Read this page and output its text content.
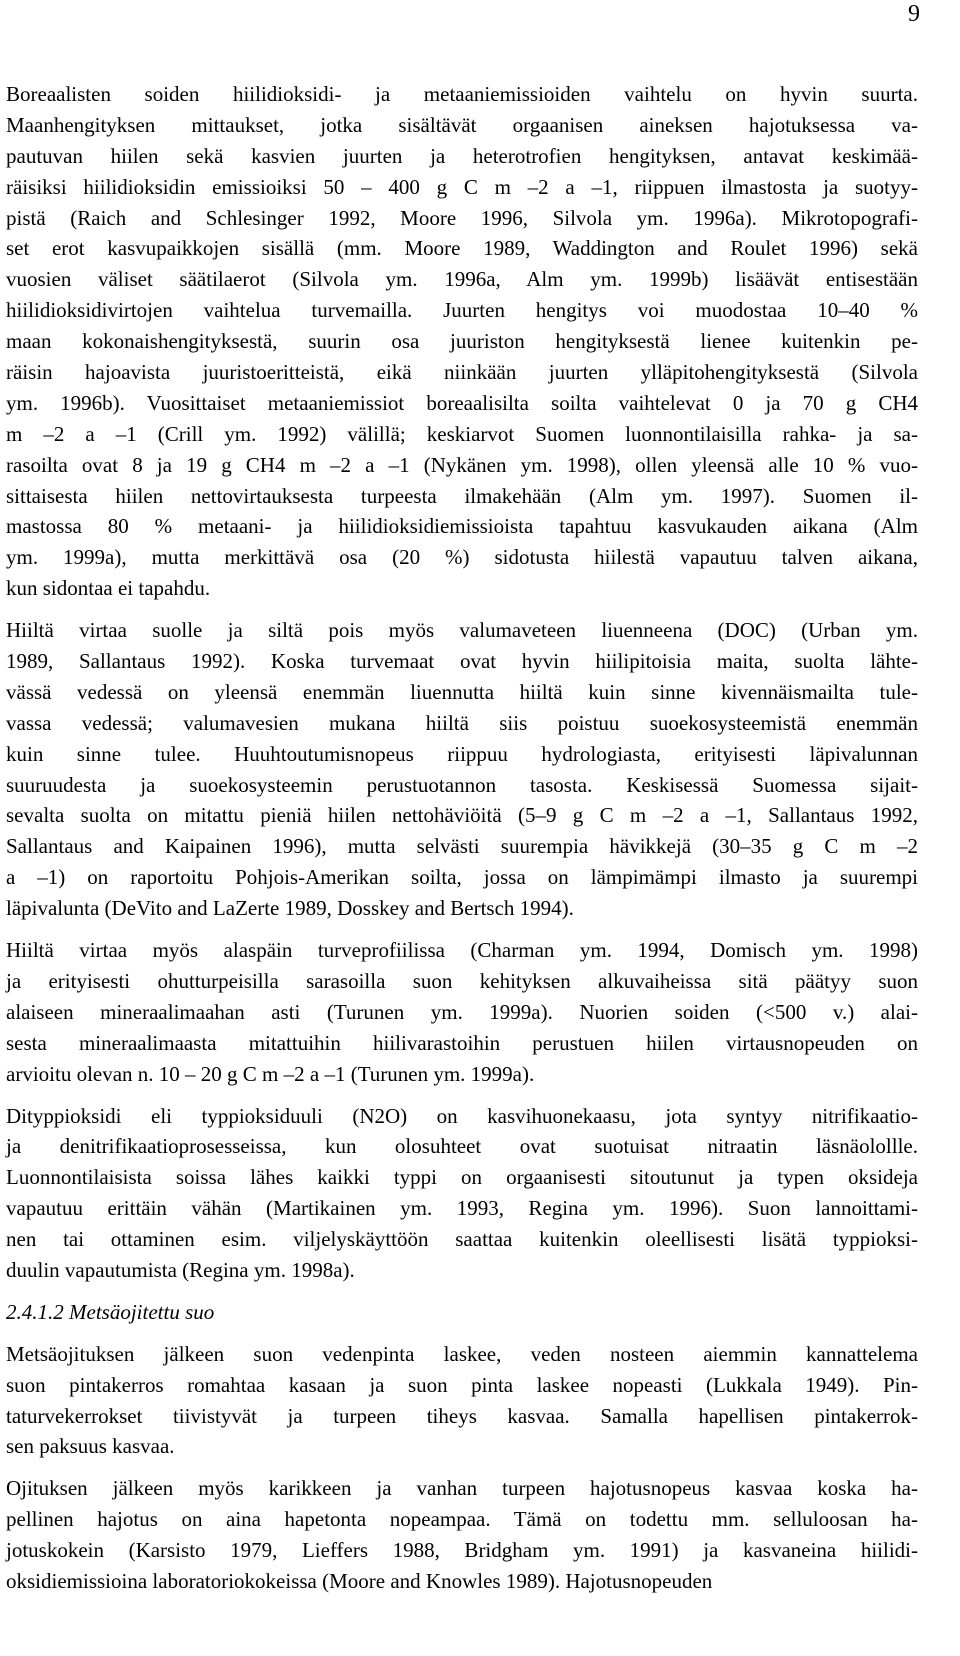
9
Boreaalisten soiden hiilidioksidi- ja metaaniemissioiden vaihtelu on hyvin suurta.
Maanhengityksen mittaukset, jotka sisältävät orgaanisen aineksen hajotuksessa va-
pautuvan hiilen sekä kasvien juurten ja heterotrofien hengityksen, antavat keskimää-
räisiksi hiilidioksidin emissioiksi 50 – 400 g C m –2 a –1, riippuen ilmastosta ja suotyy-
pistä (Raich and Schlesinger 1992, Moore 1996, Silvola ym. 1996a). Mikrotopografi-
set erot kasvupaikkojen sisällä (mm. Moore 1989, Waddington and Roulet 1996) sekä
vuosien väliset säätilaerot (Silvola ym. 1996a, Alm ym. 1999b) lisäävät entisestään
hiilidioksidivirtojen vaihtelua turvemailla. Juurten hengitys voi muodostaa 10–40 %
maan kokonaishengityksestä, suurin osa juuriston hengityksestä lienee kuitenkin pe-
räisin hajoavista juuristoeritteistä, eikä niinkään juurten ylläpitohengityksestä (Silvola
ym. 1996b). Vuosittaiset metaaniemissiot boreaalisilta soilta vaihtelevat 0 ja 70 g CH4
m –2 a –1 (Crill ym. 1992) välillä; keskiarvot Suomen luonnontilaisilla rahka- ja sa-
rasoilta ovat 8 ja 19 g CH4 m –2 a –1 (Nykänen ym. 1998), ollen yleensä alle 10 % vuo-
sittaisesta hiilen nettovirtauksesta turpeesta ilmakehään (Alm ym. 1997). Suomen il-
mastossa 80 % metaani- ja hiilidioksidiemissioista tapahtuu kasvukauden aikana (Alm
ym. 1999a), mutta merkittävä osa (20 %) sidotusta hiilestä vapautuu talven aikana,
kun sidontaa ei tapahdu.
Hiiltä virtaa suolle ja siltä pois myös valumaveteen liuenneena (DOC) (Urban ym.
1989, Sallantaus 1992). Koska turvemaat ovat hyvin hiilipitoisia maita, suolta lähte-
vässä vedessä on yleensä enemmän liuennutta hiiltä kuin sinne kivennäismailta tule-
vassa vedessä; valumavesien mukana hiiltä siis poistuu suoekosysteemistä enemmän
kuin sinne tulee. Huuhtoutumisnopeus riippuu hydrologiasta, erityisesti läpivalunnan
suuruudesta ja suoekosysteemin perustuotannon tasosta. Keskisessä Suomessa sijait-
sevalta suolta on mitattu pieniä hiilen nettohäviöitä (5–9 g C m –2 a –1, Sallantaus 1992,
Sallantaus and Kaipainen 1996), mutta selvästi suurempia hävikkejä (30–35 g C m –2
a –1) on raportoitu Pohjois-Amerikan soilta, jossa on lämpimämpi ilmasto ja suurempi
läpivalunta (DeVito and LaZerte 1989, Dosskey and Bertsch 1994).
Hiiltä virtaa myös alaspäin turveprofiilissa (Charman ym. 1994, Domisch ym. 1998)
ja erityisesti ohutturpeisilla sarasoilla suon kehityksen alkuvaiheissa sitä päätyy suon
alaiseen mineraalimaahan asti (Turunen ym. 1999a). Nuorien soiden (<500 v.) alai-
sesta mineraalimaasta mitattuihin hiilivarastoihin perustuen hiilen virtausnopeuden on
arvioitu olevan n. 10 – 20 g C m –2 a –1 (Turunen ym. 1999a).
Dityppioksidi eli typpioksiduuli (N2O) on kasvihuonekaasu, jota syntyy nitrifikaatio-
ja denitrifikaatioprosesseissa, kun olosuhteet ovat suotuisat nitraatin läsnäolollle.
Luonnontilaisista soissa lähes kaikki typpi on orgaanisesti sitoutunut ja typen oksideja
vapautuu erittäin vähän (Martikainen ym. 1993, Regina ym. 1996). Suon lannoittami-
nen tai ottaminen esim. viljelyskäyttöön saattaa kuitenkin oleellisesti lisätä typpioksi-
duulin vapautumista (Regina ym. 1998a).
2.4.1.2 Metsäojitettu suo
Metsäojituksen jälkeen suon vedenpinta laskee, veden nosteen aiemmin kannattelema
suon pintakerros romahtaa kasaan ja suon pinta laskee nopeasti (Lukkala 1949). Pin-
taturvekerrokset tiivistyvät ja turpeen tiheys kasvaa. Samalla hapellisen pintakerrok-
sen paksuus kasvaa.
Ojituksen jälkeen myös karikkeen ja vanhan turpeen hajotusnopeus kasvaa koska ha-
pellinen hajotus on aina hapetonta nopeampaa. Tämä on todettu mm. selluloosan ha-
jotuskokein (Karsisto 1979, Lieffers 1988, Bridgham ym. 1991) ja kasvaneina hiilidi-
oksidiemissioina laboratoriokokeissa (Moore and Knowles 1989). Hajotusnopeuden
